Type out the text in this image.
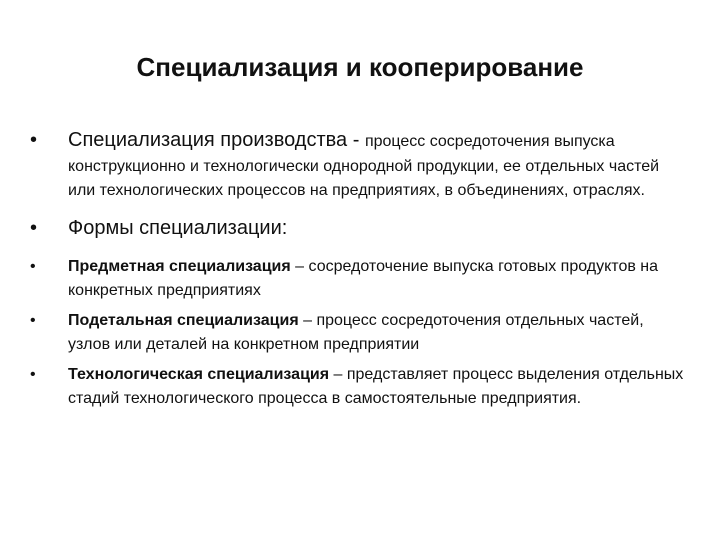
Специализация и кооперирование
• Специализация производства - процесс сосредоточения выпуска конструкционно и технологически однородной продукции, ее отдельных частей или технологических процессов на предприятиях, в объединениях, отраслях.
• Формы специализации:
• Предметная специализация – сосредоточение выпуска готовых продуктов на конкретных предприятиях
• Подетальная специализация – процесс сосредоточения отдельных частей, узлов или деталей на конкретном предприятии
• Технологическая специализация – представляет процесс выделения отдельных стадий технологического процесса в самостоятельные предприятия.
